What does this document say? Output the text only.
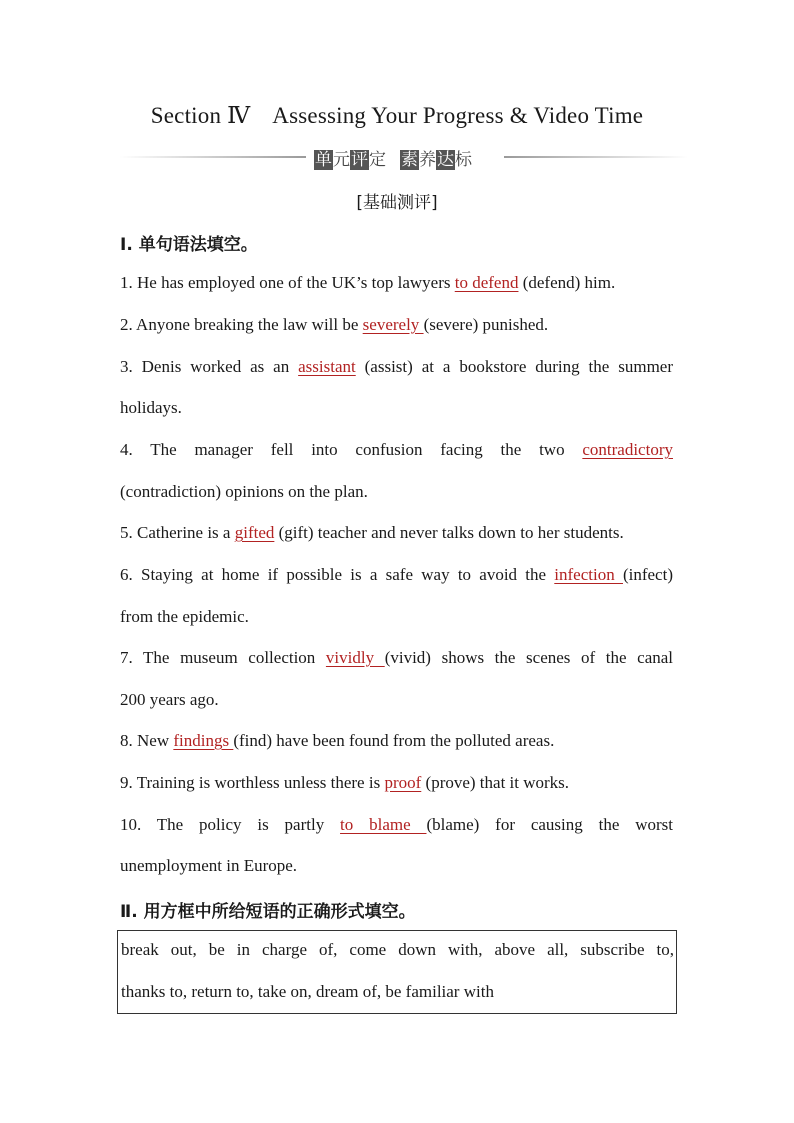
Section Ⅳ Assessing Your Progress & Video Time
单元评定 素养达标
[基础测评]
Ⅰ. 单句语法填空。
1. He has employed one of the UK’s top lawyers to defend (defend) him.
2. Anyone breaking the law will be severely (severe) punished.
3. Denis worked as an assistant (assist) at a bookstore during the summer
holidays.
4. The manager fell into confusion facing the two contradictory
(contradiction) opinions on the plan.
5. Catherine is a gifted (gift) teacher and never talks down to her students.
6. Staying at home if possible is a safe way to avoid the infection (infect)
from the epidemic.
7. The museum collection vividly (vivid) shows the scenes of the canal
200 years ago.
8. New findings (find) have been found from the polluted areas.
9. Training is worthless unless there is proof (prove) that it works.
10. The policy is partly to blame (blame) for causing the worst
unemployment in Europe.
Ⅱ. 用方框中所给短语的正确形式填空。
break out, be in charge of, come down with, above all, subscribe to,
thanks to, return to, take on, dream of, be familiar with
